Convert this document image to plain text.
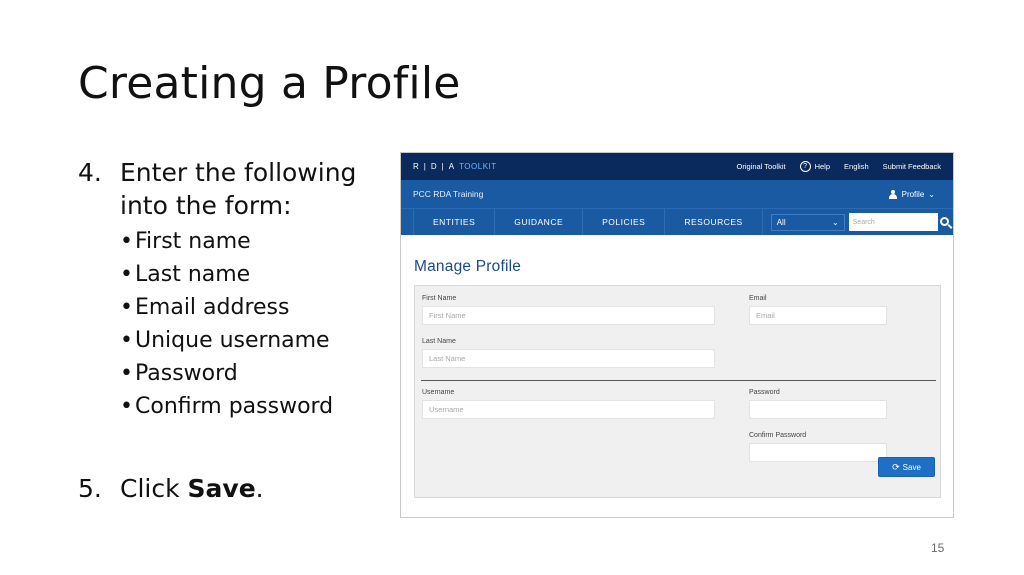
Creating a Profile
4. Enter the following into the form:
• First name
• Last name
• Email address
• Unique username
• Password
• Confirm password
5. Click Save.
R | D | A TOOLKIT	Original Toolkit	?	Help English Submit Feedback
PCC RDA Training	Profile ⌄
ENTITIES	GUIDANCE	POLICIES	RESOURCES	All	⌄	Search
Manage Profile
First Name
First Name
Email
Email
Last Name
Last Name
Username
Username
Password
Confirm Password
⟳ Save
15
